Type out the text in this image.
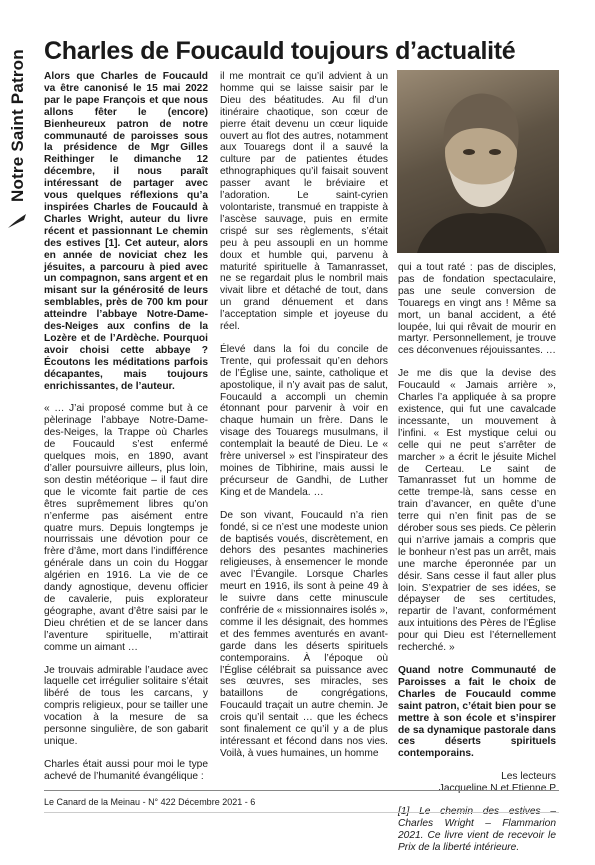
Notre Saint Patron Charles de Foucauld toujours d’actualité

Alors que Charles de Foucauld va être canonisé le 15 mai 2022 par le pape François et que nous allons fêter le (encore) Bienheureux patron de notre communauté de paroisses sous la présidence de Mgr Gilles Reithinger le dimanche 12 décembre, il nous paraît intéressant de partager avec vous quelques réflexions qu’a inspirées Charles de Foucauld à Charles Wright, auteur du livre récent et passionnant Le chemin des estives [1]. Cet auteur, alors en année de noviciat chez les jésuites, a parcouru à pied avec un compagnon, sans argent et en misant sur la générosité de leurs semblables, près de 700 km pour atteindre l’abbaye Notre-Dame-des-Neiges aux confins de la Lozère et de l’Ardèche. Pourquoi avoir choisi cette abbaye ? Écoutons les méditations parfois décapantes, mais toujours enrichissantes, de l’auteur.

« … J’ai proposé comme but à ce pèlerinage l’abbaye Notre-Dame-des-Neiges, la Trappe où Charles de Foucauld s’est enfermé quelques mois, en 1890, avant d’aller poursuivre ailleurs, plus loin, son destin météorique – il faut dire que le vicomte fait partie de ces êtres suprêmement libres qu’on n’enferme pas aisément entre quatre murs. Depuis longtemps je nourrissais une dévotion pour ce frère d’âme, mort dans l’indifférence générale dans un coin du Hoggar algérien en 1916. La vie de ce dandy agnostique, devenu officier de cavalerie, puis explorateur géographe, avant d’être saisi par le Dieu chrétien et de se lancer dans l’aventure spirituelle, m’attirait comme un aimant …

Je trouvais admirable l’audace avec laquelle cet irrégulier solitaire s’était libéré de tous les carcans, y compris religieux, pour se tailler une vocation à la mesure de sa personne singulière, de son gabarit unique.

Charles était aussi pour moi le type achevé de l’humanité évangélique :

il me montrait ce qu’il advient à un homme qui se laisse saisir par le Dieu des béatitudes. Au fil d’un itinéraire chaotique, son cœur de pierre était devenu un cœur liquide ouvert au flot des autres, notamment aux Touaregs dont il a sauvé la culture par de patientes études ethnographiques qu’il faisait souvent passer avant le bréviaire et l’adoration. Le saint-cyrien volontariste, transmué en trappiste à l’ascèse sauvage, puis en ermite crispé sur ses règlements, s’était peu à peu assoupli en un homme doux et humble qui, parvenu à maturité spirituelle à Tamanrasset, ne se regardait plus le nombril mais vivait libre et détaché de tout, dans un grand dénuement et dans l’acceptation simple et joyeuse du réel.

Élevé dans la foi du concile de Trente, qui professait qu’en dehors de l’Église une, sainte, catholique et apostolique, il n’y avait pas de salut, Foucauld a accompli un chemin étonnant pour parvenir à voir en chaque humain un frère. Dans le visage des Touaregs musulmans, il contemplait la beauté de Dieu. Le « frère universel » est l’inspirateur des moines de Tibhirine, mais aussi le précurseur de Gandhi, de Luther King et de Mandela. …

De son vivant, Foucauld n’a rien fondé, si ce n’est une modeste union de baptisés voués, discrètement, en dehors des pesantes machineries religieuses, à ensemencer le monde avec l’Évangile. Lorsque Charles meurt en 1916, ils sont à peine 49 à le suivre dans cette minuscule confrérie de « missionnaires isolés », comme il les désignait, des hommes et des femmes aventurés en avant-garde dans les déserts spirituels contemporains. À l’époque où l’Église célébrait sa puissance avec ses œuvres, ses miracles, ses bataillons de congrégations, Foucauld traçait un autre chemin. Je crois qu’il sentait … que les échecs sont finalement ce qu’il y a de plus intéressant et fécond dans nos vies. Voilà, à vues humaines, un homme

qui a tout raté : pas de disciples, pas de fondation spectaculaire, pas une seule conversion de Touaregs en vingt ans ! Même sa mort, un banal accident, a été loupée, lui qui rêvait de mourir en martyr. Personnellement, je trouve ces déconvenues réjouissantes. …

Je me dis que la devise des Foucauld « Jamais arrière », Charles l’a appliquée à sa propre existence, qui fut une cavalcade incessante, un mouvement à l’infini. « Est mystique celui ou celle qui ne peut s’arrêter de marcher » a écrit le jésuite Michel de Certeau. Le saint de Tamanrasset fut un homme de cette trempe-là, sans cesse en train d’avancer, en quête d’une terre qui n’en finit pas de se dérober sous ses pieds. Ce pèlerin qui n’arrive jamais a compris que le bonheur n’est pas un arrêt, mais une marche éperonnée par un désir. Sans cesse il faut aller plus loin. S’expatrier de ses idées, se dépayser de ses certitudes, repartir de l’avant, conformément aux intuitions des Pères de l’Église pour qui Dieu est l’éternellement recherché. »

Quand notre Communauté de Paroisses a fait le choix de Charles de Foucauld comme saint patron, c’était bien pour se mettre à son école et s’inspirer de sa dynamique pastorale dans ces déserts spirituels contemporains.

Les lecteurs
Jacqueline N et Etienne P

[1] Le chemin des estives – Charles Wright – Flammarion 2021. Ce livre vient de recevoir le Prix de la liberté intérieure.

Le Canard de la Meinau - N° 422 Décembre 2021 - 6
